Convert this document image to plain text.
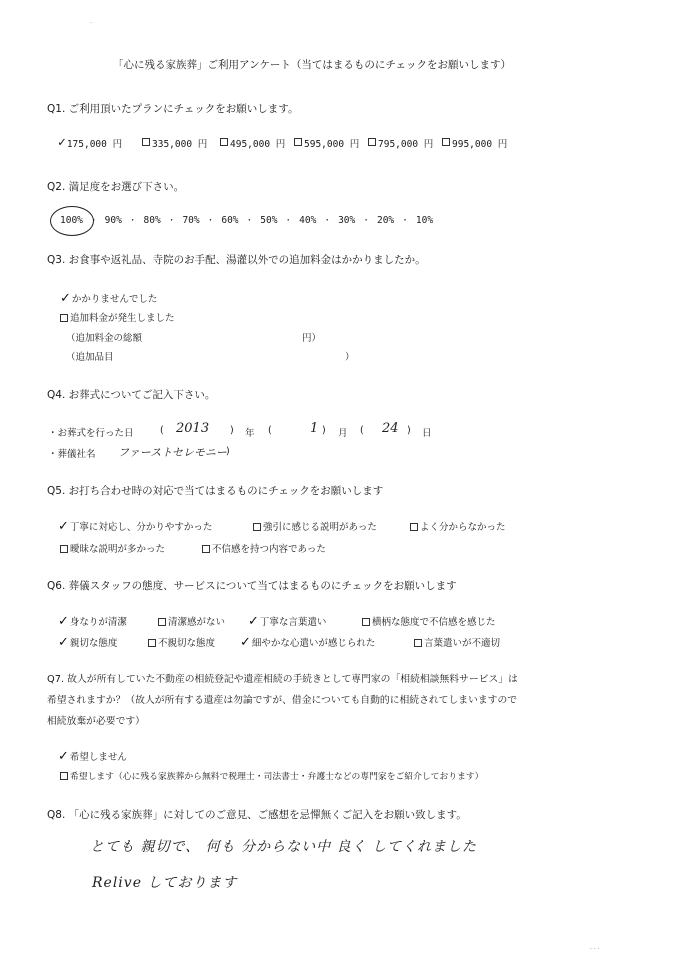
「心に残る家族葬」ご利用アンケート（当てはまるものにチェックをお願いします）
Q1. ご利用頂いたプランにチェックをお願いします。
✓ 175,000 円	335,000 円 495,000 円 595,000 円 795,000 円 995,000 円
Q2. 満足度をお選び下さい。
100% · 90% · 80% · 70% · 60% · 50% · 40% · 30% · 20% · 10%
Q3. お食事や返礼品、寺院のお手配、湯灌以外での追加料金はかかりましたか。
✓かかりませんでした
追加料金が発生しました
（追加料金の総額	円）
（追加品目	）
Q4. お葬式についてご記入下さい。
・お葬式を行った日	( 2013 ) 年 (	1 ) 月 ( 24 ) 日
・葬儀社名 ファーストセレモニー )
Q5. お打ち合わせ時の対応で当てはまるものにチェックをお願いします
✓丁寧に対応し、分かりやすかった	強引に感じる説明があった	よく分からなかった
曖昧な説明が多かった	不信感を持つ内容であった
Q6. 葬儀スタッフの態度、サービスについて当てはまるものにチェックをお願いします
✓身なりが清潔	清潔感がない ✓丁寧な言葉遣い	横柄な態度で不信感を感じた
✓親切な態度	不親切な態度 ✓細やかな心遣いが感じられた	言葉遣いが不適切
Q7. 故人が所有していた不動産の相続登記や遺産相続の手続きとして専門家の「相続相談無料サービス」は
希望されますか？（故人が所有する遺産は勿論ですが、借金についても自動的に相続されてしまいますので
相続放棄が必要です）
✓希望しません
希望します（心に残る家族葬から無料で税理士・司法書士・弁護士などの専門家をご紹介しております）
Q8. 「心に残る家族葬」に対してのご意見、ご感想を忌憚無くご記入をお願い致します。
とても 親切で、 何も 分からない中 良く してくれました
Relive しております
·
· · ·
